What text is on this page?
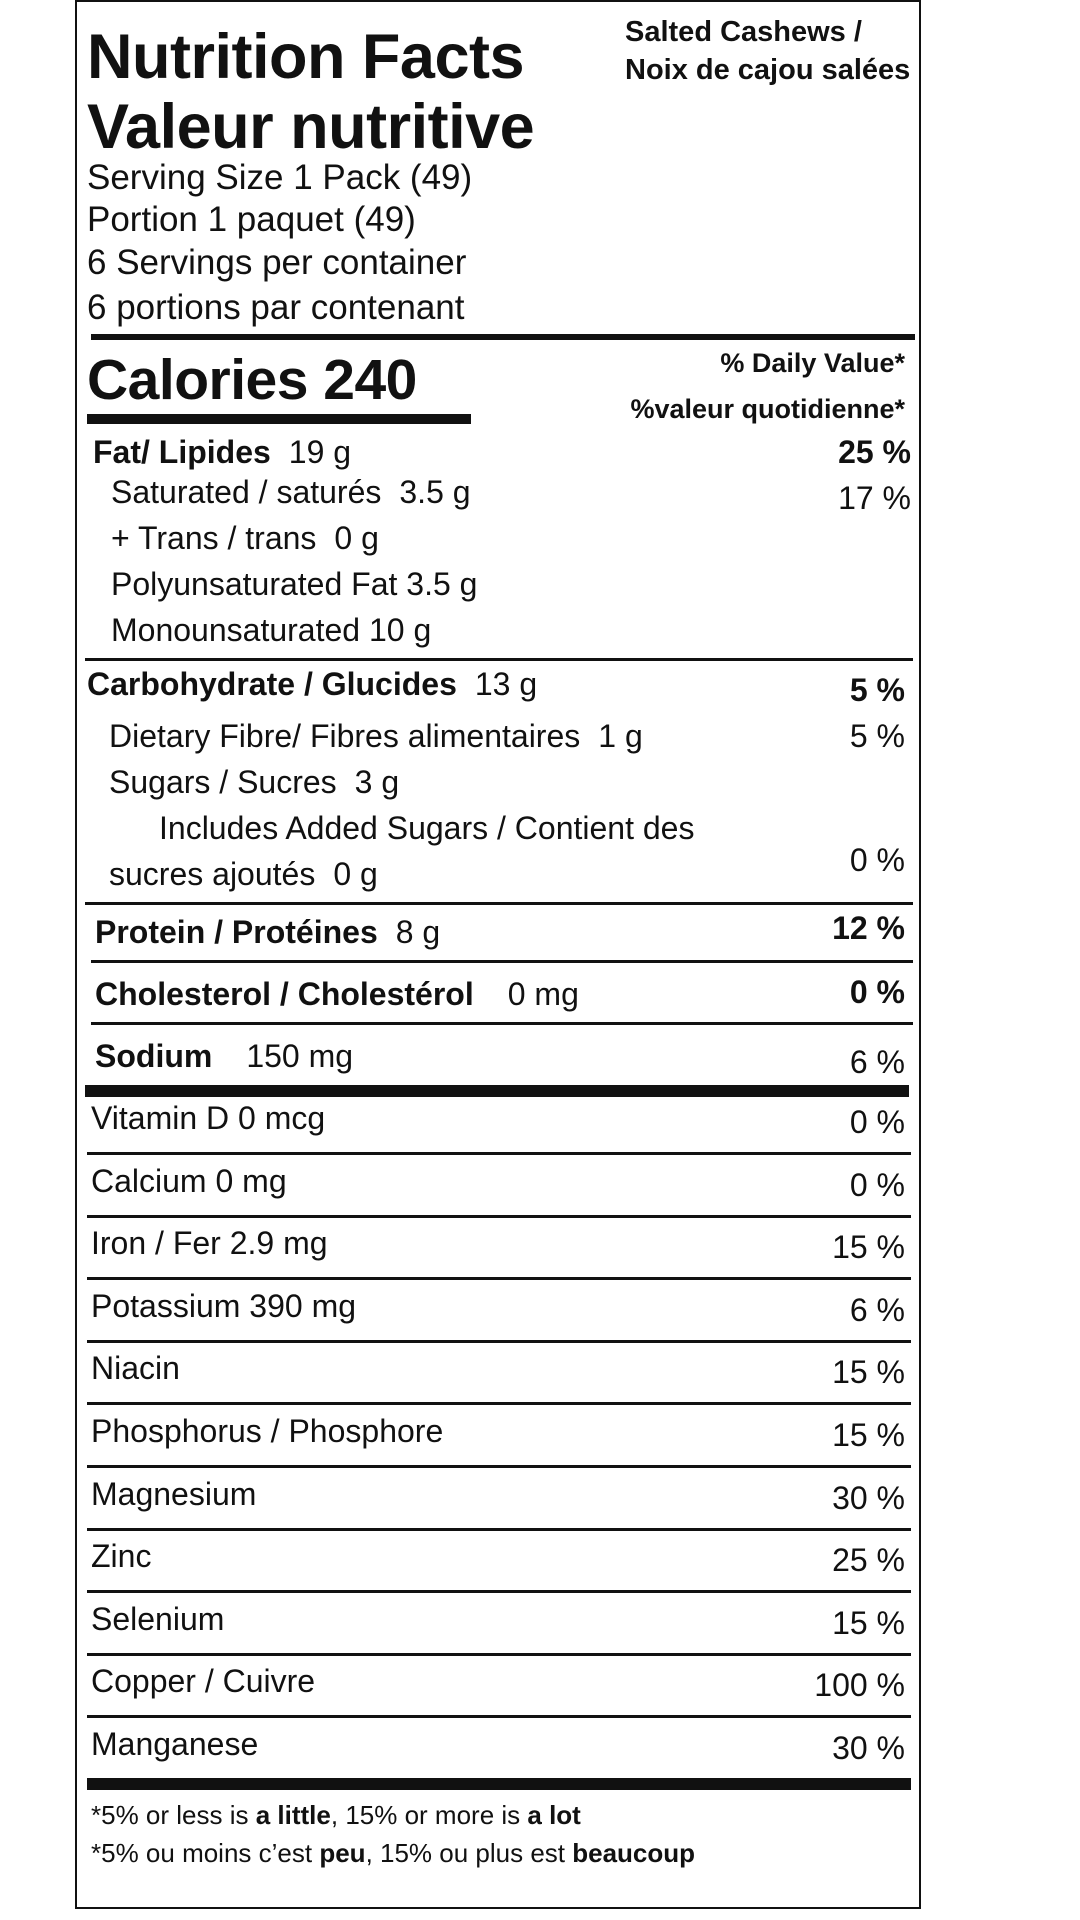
Nutrition Facts
Valeur nutritive
Salted Cashews /
Noix de cajou salées
Serving Size 1 Pack (49)
Portion 1 paquet (49)
6 Servings per container
6 portions par contenant
Calories 240	% Daily Value*
%valeur quotidienne*
Fat/ Lipides 19 g	25 %
Saturated / saturés 3.5 g	17 %
+ Trans / trans 0 g
Polyunsaturated Fat 3.5 g
Monounsaturated 10 g
Carbohydrate / Glucides 13 g	5 %
Dietary Fibre/ Fibres alimentaires 1 g	5 %
Sugars / Sucres 3 g
Includes Added Sugars / Contient des
sucres ajoutés 0 g	0 %
Protein / Protéines 8 g	12 %
Cholesterol / Cholestérol 0 mg	0 %
Sodium 150 mg	6 %
Vitamin D 0 mcg	0 %
Calcium 0 mg	0 %
Iron / Fer 2.9 mg	15 %
Potassium 390 mg	6 %
Niacin	15 %
Phosphorus / Phosphore	15 %
Magnesium	30 %
Zinc	25 %
Selenium	15 %
Copper / Cuivre	100 %
Manganese	30 %
*5% or less is a little, 15% or more is a lot
*5% ou moins c’est peu, 15% ou plus est beaucoup
